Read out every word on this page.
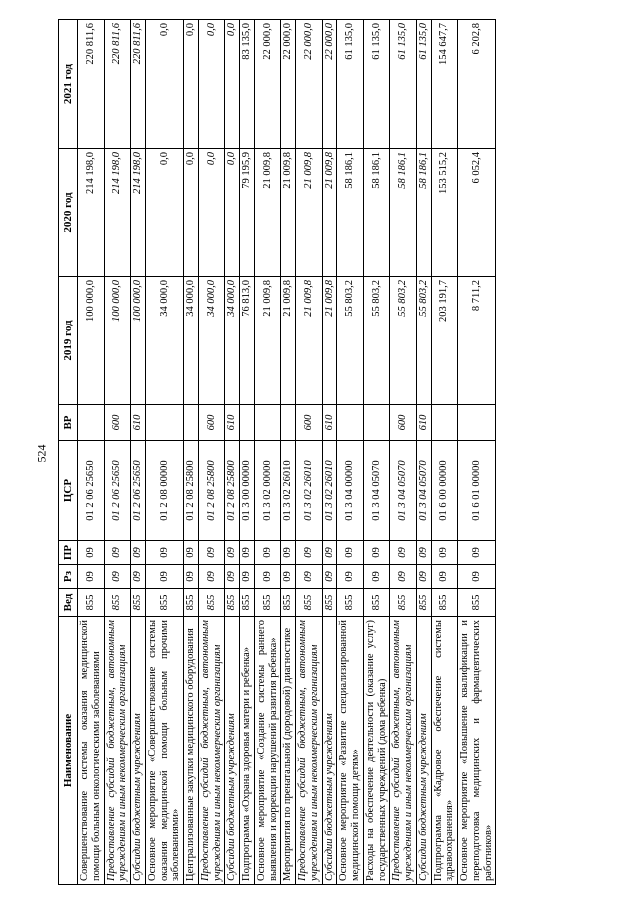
524
Наименование	Вед	Рз	ПР	ЦСР	ВР	2019 год	2020 год	2021 год
Совершенствование системы оказания медицинской помощи больным онкологическими заболеваниями	855	09	09	01 2 06 25650		100 000,0	214 198,0	220 811,6
Предоставление субсидий бюджетным, автономным учреждениям и иным некоммерческим организациям	855	09	09	01 2 06 25650	600	100 000,0	214 198,0	220 811,6
Субсидии бюджетным учреждениям	855	09	09	01 2 06 25650	610	100 000,0	214 198,0	220 811,6
Основное мероприятие «Совершенствование системы оказания медицинской помощи больным прочими заболеваниями»	855	09	09	01 2 08 00000		34 000,0	0,0	0,0
Централизованные закупки медицинского оборудования	855	09	09	01 2 08 25800		34 000,0	0,0	0,0
Предоставление субсидий бюджетным, автономным учреждениям и иным некоммерческим организациям	855	09	09	01 2 08 25800	600	34 000,0	0,0	0,0
Субсидии бюджетным учреждениям	855	09	09	01 2 08 25800	610	34 000,0	0,0	0,0
Подпрограмма «Охрана здоровья матери и ребенка»	855	09	09	01 3 00 00000		76 813,0	79 195,9	83 135,0
Основное мероприятие «Создание системы раннего выявления и коррекции нарушений развития ребенка»	855	09	09	01 3 02 00000		21 009,8	21 009,8	22 000,0
Мероприятия по пренатальной (дородовой) диагностике	855	09	09	01 3 02 26010		21 009,8	21 009,8	22 000,0
Предоставление субсидий бюджетным, автономным учреждениям и иным некоммерческим организациям	855	09	09	01 3 02 26010	600	21 009,8	21 009,8	22 000,0
Субсидии бюджетным учреждениям	855	09	09	01 3 02 26010	610	21 009,8	21 009,8	22 000,0
Основное мероприятие «Развитие специализированной медицинской помощи детям»	855	09	09	01 3 04 00000		55 803,2	58 186,1	61 135,0
Расходы на обеспечение деятельности (оказание услуг) государственных учреждений (дома ребенка)	855	09	09	01 3 04 05070		55 803,2	58 186,1	61 135,0
Предоставление субсидий бюджетным, автономным учреждениям и иным некоммерческим организациям	855	09	09	01 3 04 05070	600	55 803,2	58 186,1	61 135,0
Субсидии бюджетным учреждениям	855	09	09	01 3 04 05070	610	55 803,2	58 186,1	61 135,0
Подпрограмма «Кадровое обеспечение системы здравоохранения»	855	09	09	01 6 00 00000		203 191,7	153 515,2	154 647,7
Основное мероприятие «Повышение квалификации и переподготовка медицинских и фармацевтических работников»	855	09	09	01 6 01 00000		8 711,2	6 052,4	6 202,8
